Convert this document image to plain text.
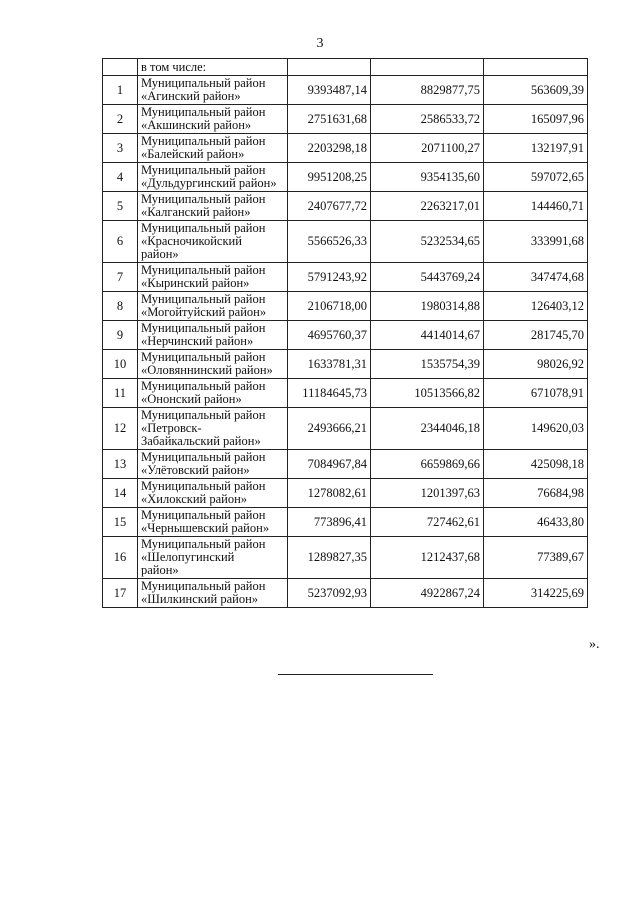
3
	в том числе:			
1	Муниципальный район
«Агинский район»	9393487,14	8829877,75	563609,39
2	Муниципальный район
«Акшинский район»	2751631,68	2586533,72	165097,96
3	Муниципальный район
«Балейский район»	2203298,18	2071100,27	132197,91
4	Муниципальный район
«Дульдургинский район»	9951208,25	9354135,60	597072,65
5	Муниципальный район
«Калганский район»	2407677,72	2263217,01	144460,71
6	Муниципальный район
«Красночикойский
район»	5566526,33	5232534,65	333991,68
7	Муниципальный район
«Кыринский район»	5791243,92	5443769,24	347474,68
8	Муниципальный район
«Могойтуйский район»	2106718,00	1980314,88	126403,12
9	Муниципальный район
«Нерчинский район»	4695760,37	4414014,67	281745,70
10	Муниципальный район
«Оловяннинский район»	1633781,31	1535754,39	98026,92
11	Муниципальный район
«Ононский район»	11184645,73	10513566,82	671078,91
12	Муниципальный район
«Петровск-
Забайкальский район»	2493666,21	2344046,18	149620,03
13	Муниципальный район
«Улётовский район»	7084967,84	6659869,66	425098,18
14	Муниципальный район
«Хилокский район»	1278082,61	1201397,63	76684,98
15	Муниципальный район
«Чернышевский район»	773896,41	727462,61	46433,80
16	Муниципальный район
«Шелопугинский
район»	1289827,35	1212437,68	77389,67
17	Муниципальный район
«Шилкинский район»	5237092,93	4922867,24	314225,69
».
